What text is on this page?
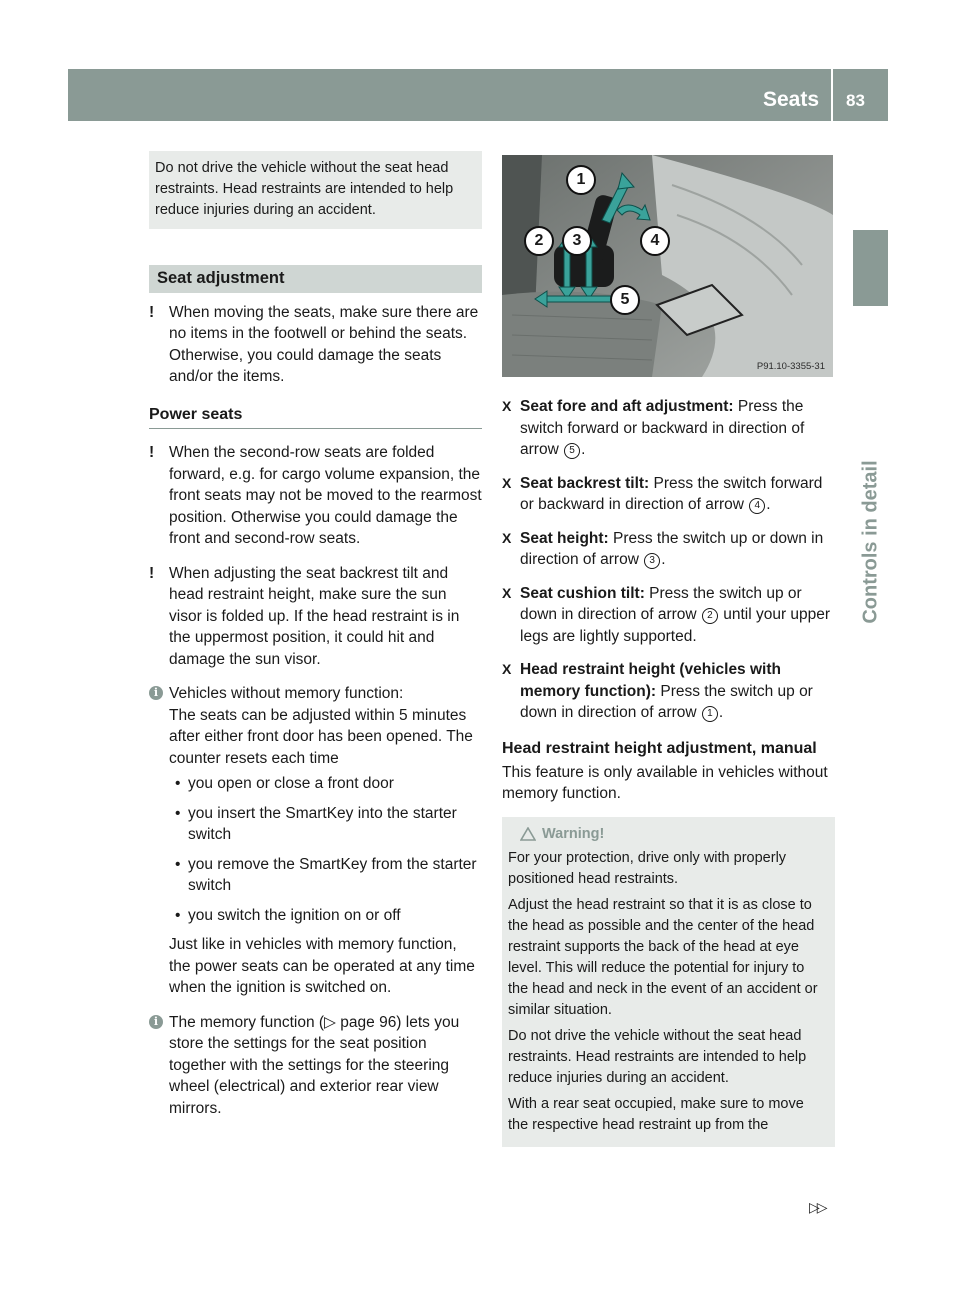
Seats 83
Controls in detail
Do not drive the vehicle without the seat head restraints. Head restraints are intended to help reduce injuries during an accident.
Seat adjustment
! When moving the seats, make sure there are no items in the footwell or behind the seats. Otherwise, you could damage the seats and/or the items.
Power seats
! When the second-row seats are folded forward, e.g. for cargo volume expansion, the front seats may not be moved to the rearmost position. Otherwise you could damage the front and second-row seats.
! When adjusting the seat backrest tilt and head restraint height, make sure the sun visor is folded up. If the head restraint is in the uppermost position, it could hit and damage the sun visor.
i Vehicles without memory function:
The seats can be adjusted within 5 minutes after either front door has been opened. The counter resets each time
• you open or close a front door
• you insert the SmartKey into the starter switch
• you remove the SmartKey from the starter switch
• you switch the ignition on or off
Just like in vehicles with memory function, the power seats can be operated at any time when the ignition is switched on.
i The memory function (▷ page 96) lets you store the settings for the seat position together with the settings for the steering wheel (electrical) and exterior rear view mirrors.
1
2	3	4
5
P91.10-3355-31
X Seat fore and aft adjustment: Press the switch forward or backward in direction of arrow 5 .
X Seat backrest tilt: Press the switch forward or backward in direction of arrow 4 .
X Seat height: Press the switch up or down in direction of arrow 3 .
X Seat cushion tilt: Press the switch up or down in direction of arrow 2 until your upper legs are lightly supported.
X Head restraint height (vehicles with memory function): Press the switch up or down in direction of arrow 1 .
Head restraint height adjustment, manual
This feature is only available in vehicles without memory function.
Warning!

For your protection, drive only with properly positioned head restraints.

Adjust the head restraint so that it is as close to the head as possible and the center of the head restraint supports the back of the head at eye level. This will reduce the potential for injury to the head and neck in the event of an accident or similar situation.

Do not drive the vehicle without the seat head restraints. Head restraints are intended to help reduce injuries during an accident.

With a rear seat occupied, make sure to move the respective head restraint up from the

▷▷
